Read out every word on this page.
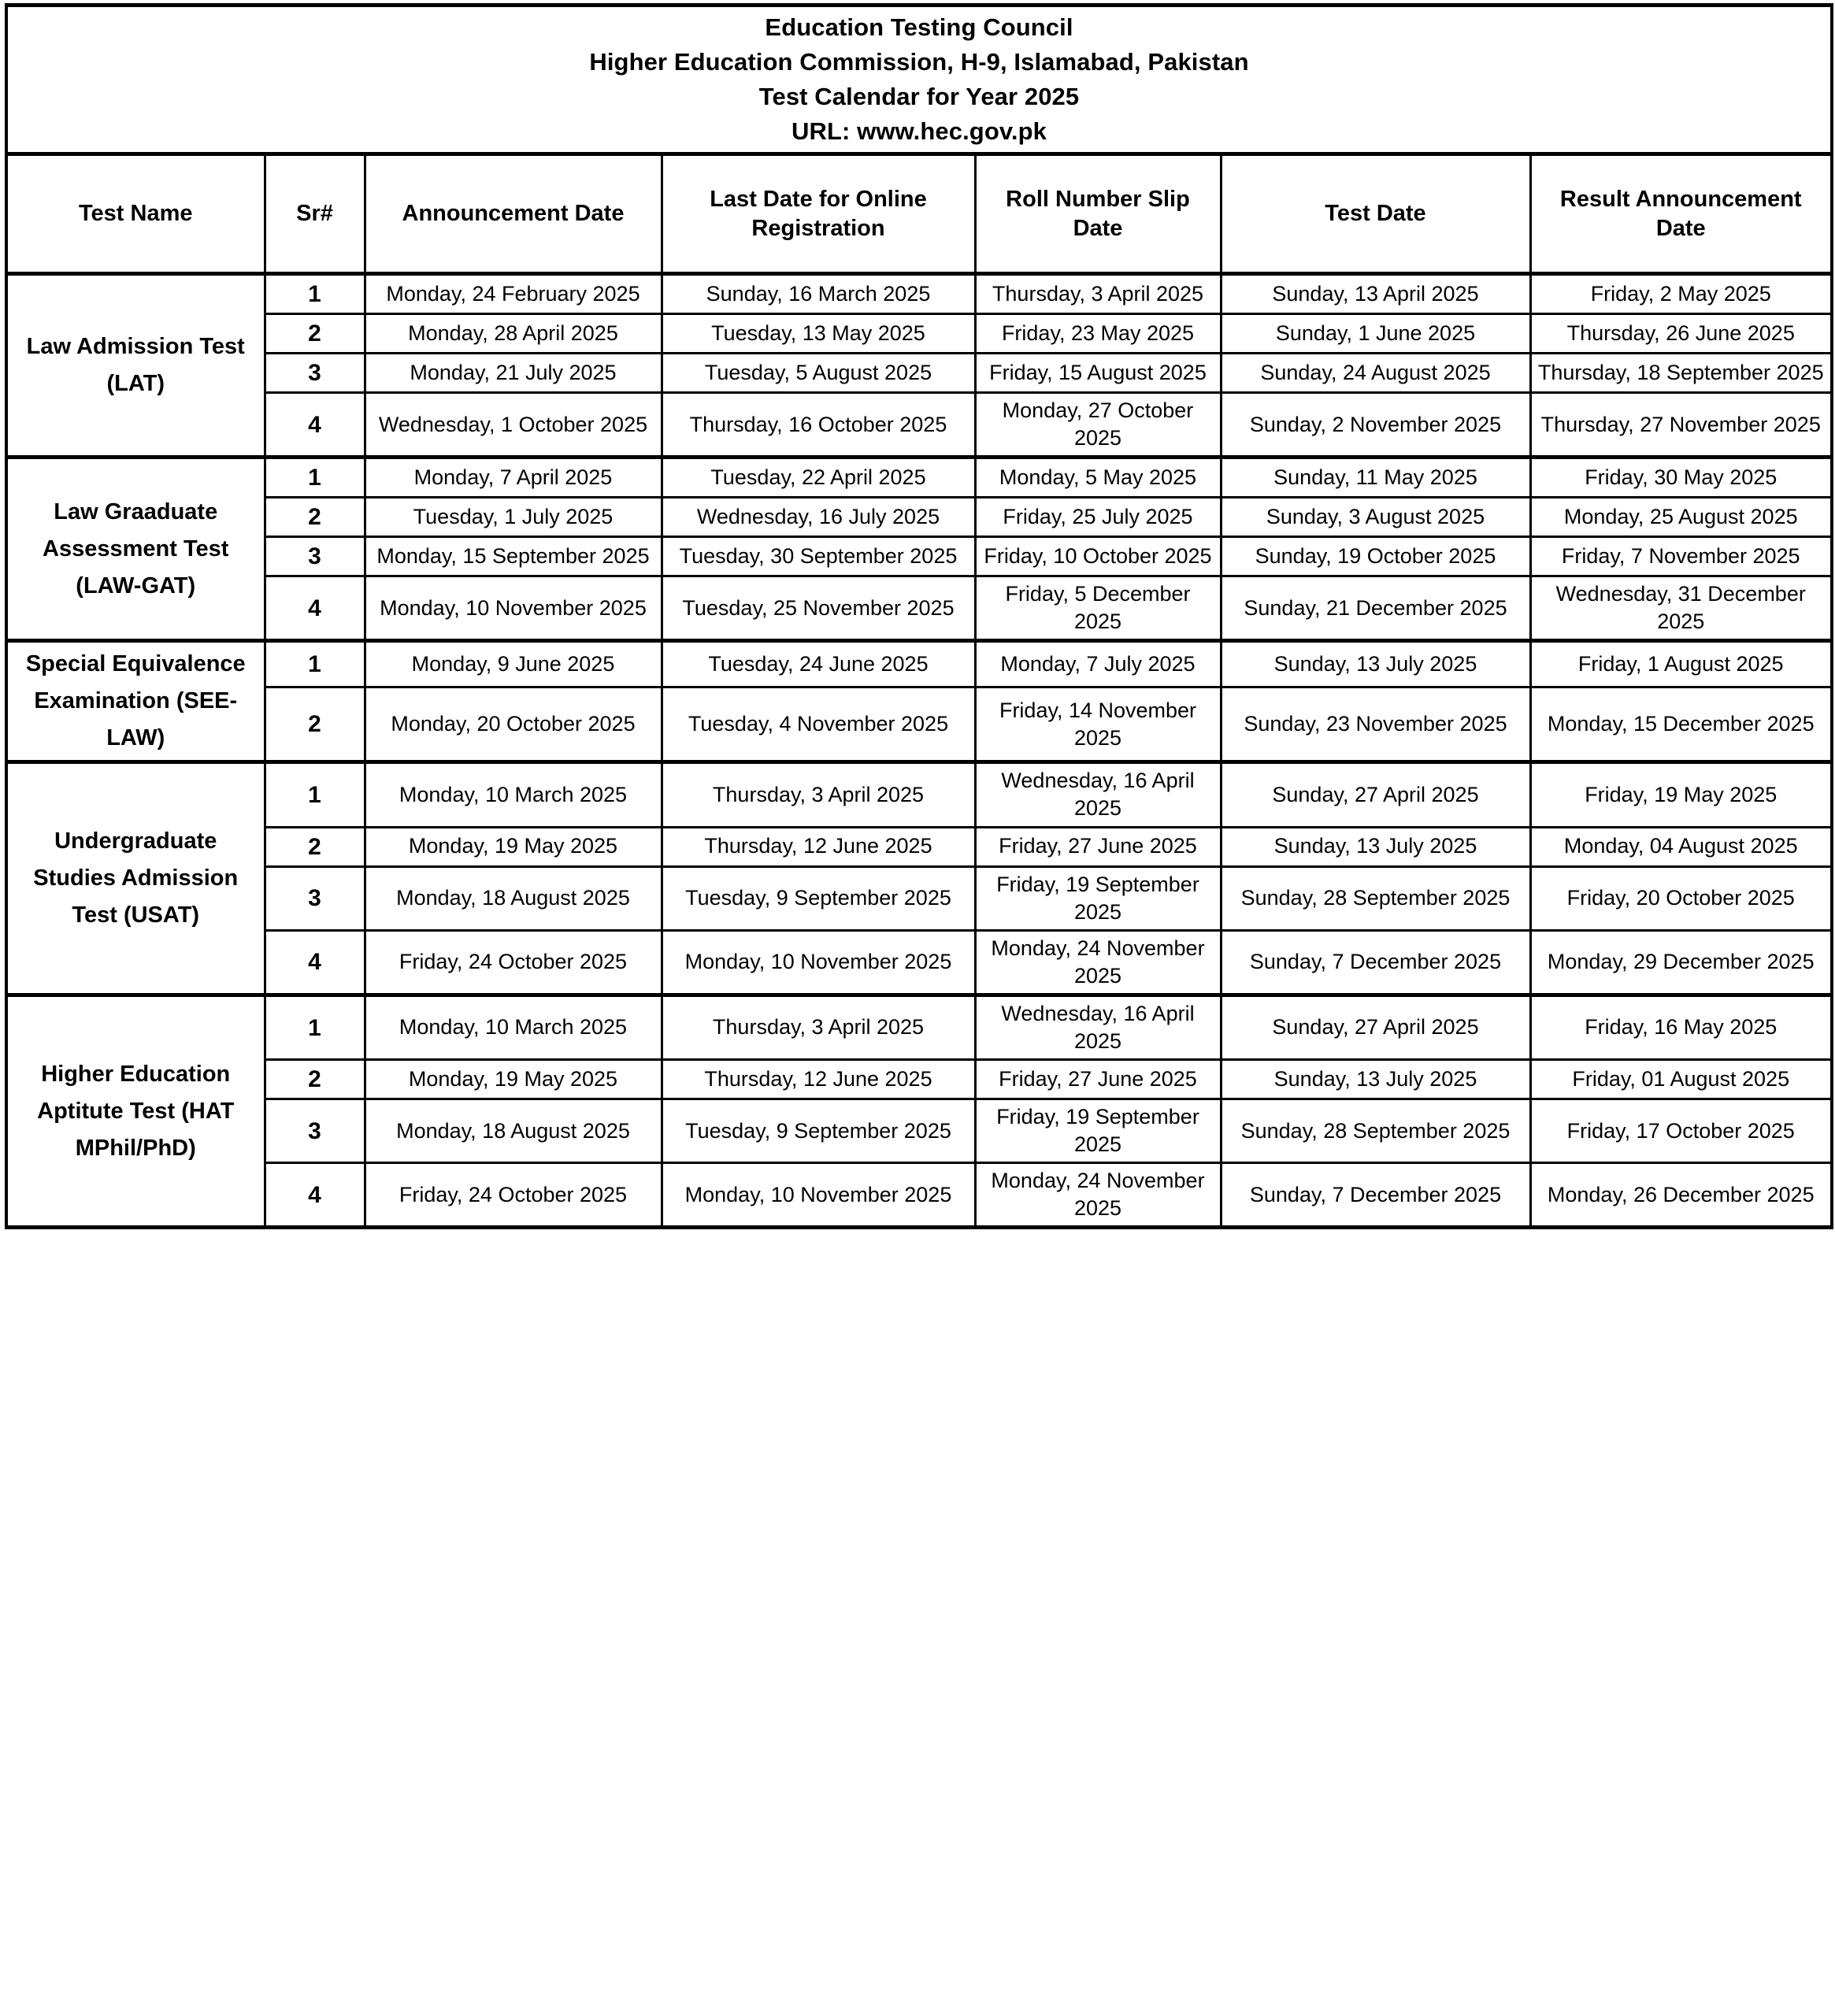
Education Testing Council
Higher Education Commission, H-9, Islamabad, Pakistan
Test Calendar for Year 2025
URL: www.hec.gov.pk						

Test Name	Sr#	Announcement Date	Last Date for Online Registration	Roll Number Slip Date	Test Date	Result Announcement Date
Law Admission Test (LAT)	1	Monday, 24 February 2025	Sunday, 16 March 2025	Thursday, 3 April 2025	Sunday, 13 April 2025	Friday, 2 May 2025
	2	Monday, 28 April 2025	Tuesday, 13 May 2025	Friday, 23 May 2025	Sunday, 1 June 2025	Thursday, 26 June 2025
	3	Monday, 21 July 2025	Tuesday, 5 August 2025	Friday, 15 August 2025	Sunday, 24 August 2025	Thursday, 18 September 2025
	4	Wednesday, 1 October 2025	Thursday, 16 October 2025	Monday, 27 October 2025	Sunday, 2 November 2025	Thursday, 27 November 2025
Law Graaduate Assessment Test (LAW-GAT)	1	Monday, 7 April 2025	Tuesday, 22 April 2025	Monday, 5 May 2025	Sunday, 11 May 2025	Friday, 30 May 2025
	2	Tuesday, 1 July 2025	Wednesday, 16 July 2025	Friday, 25 July 2025	Sunday, 3 August 2025	Monday, 25 August 2025
	3	Monday, 15 September 2025	Tuesday, 30 September 2025	Friday, 10 October 2025	Sunday, 19 October 2025	Friday, 7 November 2025
	4	Monday, 10 November 2025	Tuesday, 25 November 2025	Friday, 5 December 2025	Sunday, 21 December 2025	Wednesday, 31 December 2025
Special Equivalence Examination (SEE-LAW)	1	Monday, 9 June 2025	Tuesday, 24 June 2025	Monday, 7 July 2025	Sunday, 13 July 2025	Friday, 1 August 2025
	2	Monday, 20 October 2025	Tuesday, 4 November 2025	Friday, 14 November 2025	Sunday, 23 November 2025	Monday, 15 December 2025
Undergraduate Studies Admission Test (USAT)	1	Monday, 10 March 2025	Thursday, 3 April 2025	Wednesday, 16 April 2025	Sunday, 27 April 2025	Friday, 19 May 2025
	2	Monday, 19 May 2025	Thursday, 12 June 2025	Friday, 27 June 2025	Sunday, 13 July 2025	Monday, 04 August 2025
	3	Monday, 18 August 2025	Tuesday, 9 September 2025	Friday, 19 September 2025	Sunday, 28 September 2025	Friday, 20 October 2025
	4	Friday, 24 October 2025	Monday, 10 November 2025	Monday, 24 November 2025	Sunday, 7 December 2025	Monday, 29 December 2025
Higher Education Aptitute Test (HAT MPhil/PhD)	1	Monday, 10 March 2025	Thursday, 3 April 2025	Wednesday, 16 April 2025	Sunday, 27 April 2025	Friday, 16 May 2025
	2	Monday, 19 May 2025	Thursday, 12 June 2025	Friday, 27 June 2025	Sunday, 13 July 2025	Friday, 01 August 2025
	3	Monday, 18 August 2025	Tuesday, 9 September 2025	Friday, 19 September 2025	Sunday, 28 September 2025	Friday, 17 October 2025
	4	Friday, 24 October 2025	Monday, 10 November 2025	Monday, 24 November 2025	Sunday, 7 December 2025	Monday, 26 December 2025
